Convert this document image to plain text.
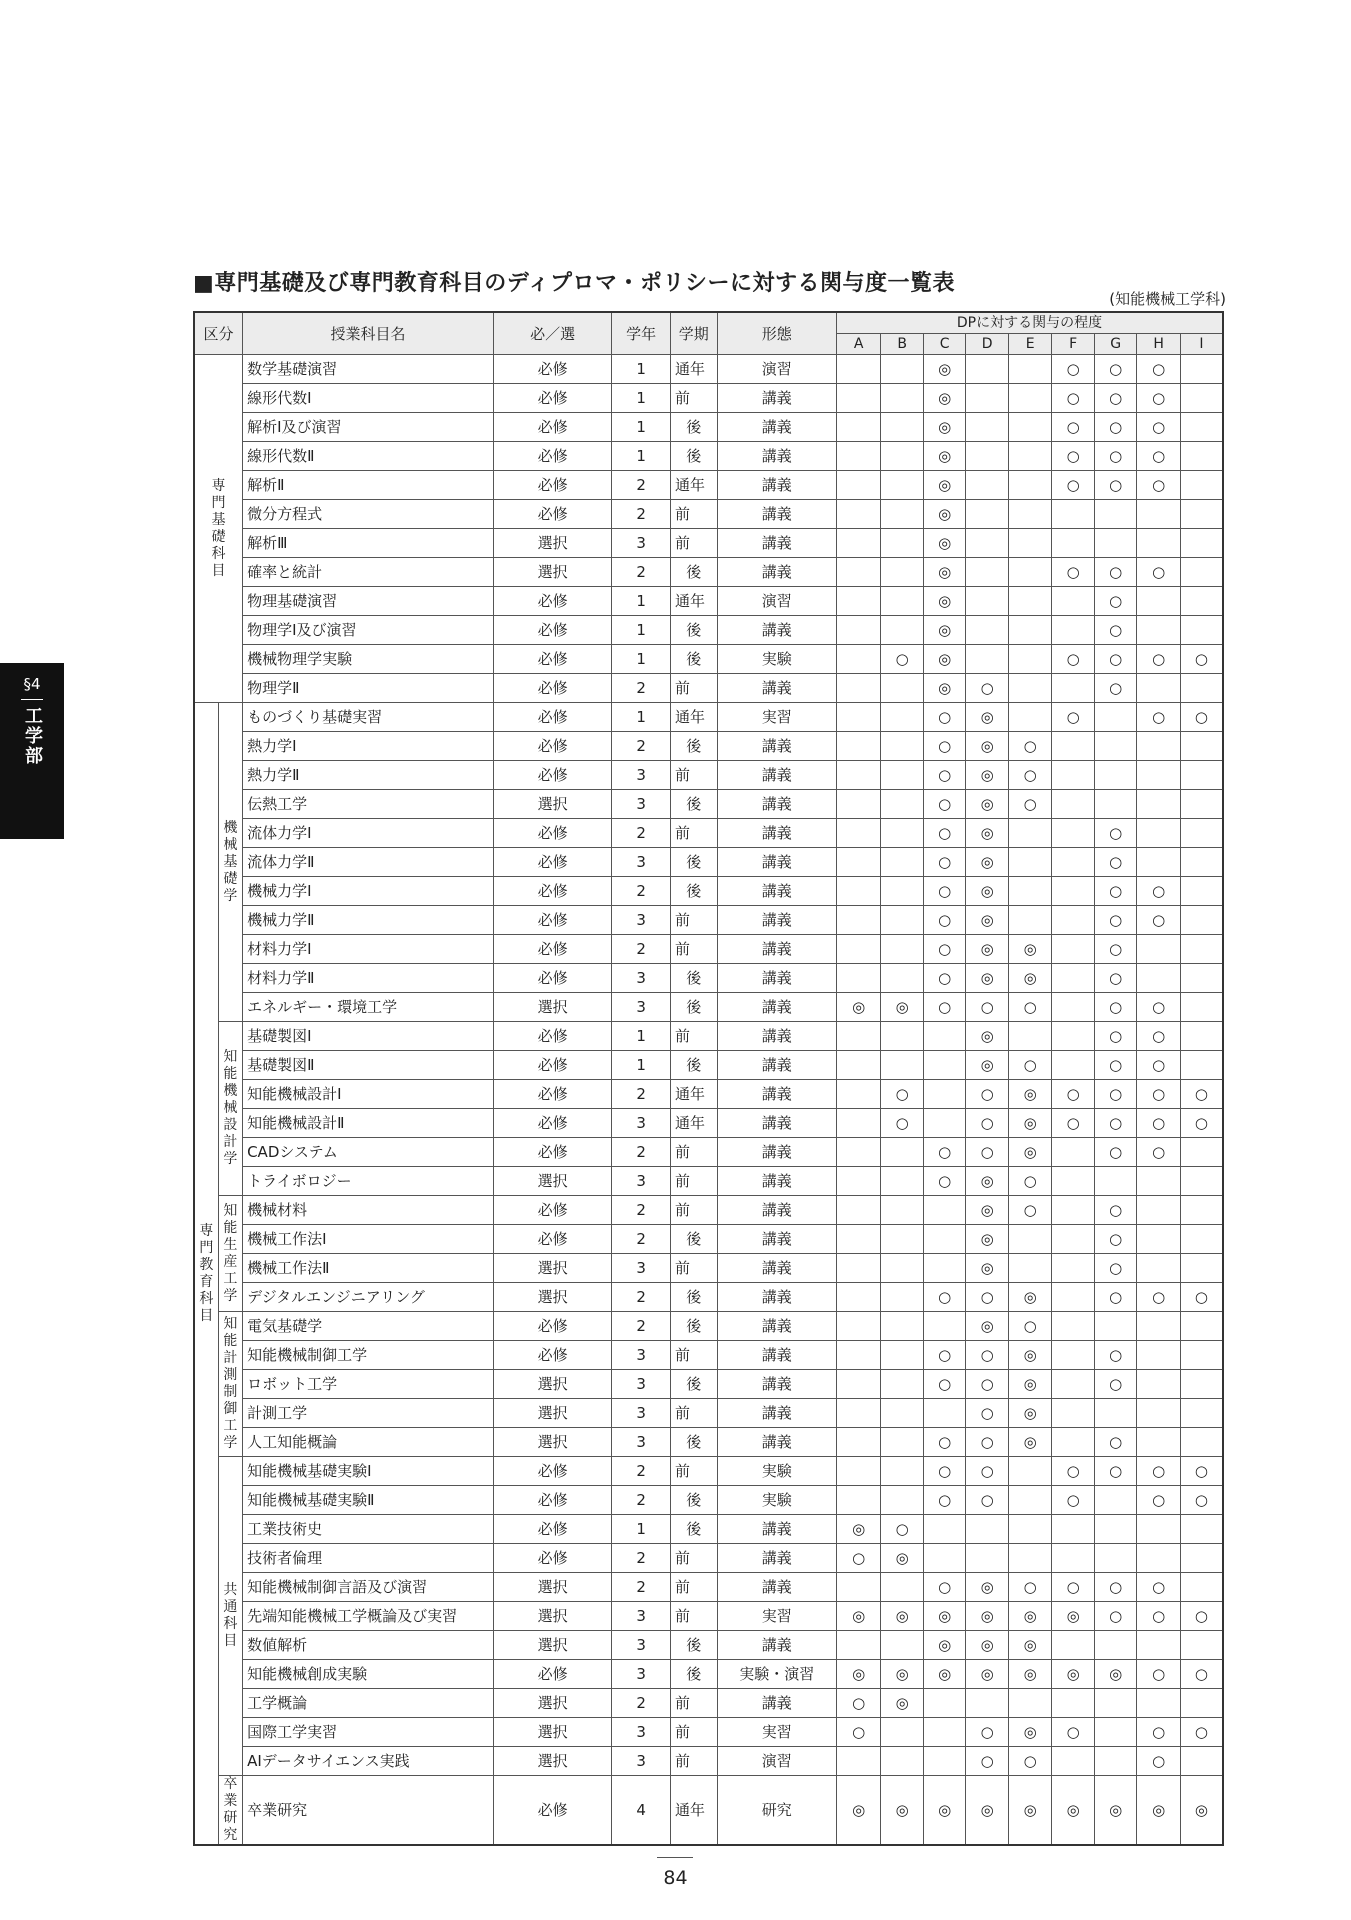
■専門基礎及び専門教育科目のディプロマ・ポリシーに対する関与度一覧表
(知能機械工学科)
§4
工学部
区分		授業科目名	必／選	学年	学期	形態	DPに対する関与の程度								
							A	B	C	D	E	F	G	H	I
専門基礎科目		数学基礎演習	必修	1	通年	演習			◎			○	○	○	
		線形代数Ⅰ	必修	1	前	講義			◎			○	○	○	
		解析Ⅰ及び演習	必修	1	後	講義			◎			○	○	○	
		線形代数Ⅱ	必修	1	後	講義			◎			○	○	○	
		解析Ⅱ	必修	2	通年	講義			◎			○	○	○	
		微分方程式	必修	2	前	講義			◎						
		解析Ⅲ	選択	3	前	講義			◎						
		確率と統計	選択	2	後	講義			◎			○	○	○	
		物理基礎演習	必修	1	通年	演習			◎				○		
		物理学Ⅰ及び演習	必修	1	後	講義			◎				○		
		機械物理学実験	必修	1	後	実験		○	◎			○	○	○	○
		物理学Ⅱ	必修	2	前	講義			◎	○			○		
専門教育科目	機械基礎学	ものづくり基礎実習	必修	1	通年	実習			○	◎		○		○	○
		熱力学Ⅰ	必修	2	後	講義			○	◎	○				
		熱力学Ⅱ	必修	3	前	講義			○	◎	○				
		伝熱工学	選択	3	後	講義			○	◎	○				
		流体力学Ⅰ	必修	2	前	講義			○	◎			○		
		流体力学Ⅱ	必修	3	後	講義			○	◎			○		
		機械力学Ⅰ	必修	2	後	講義			○	◎			○	○	
		機械力学Ⅱ	必修	3	前	講義			○	◎			○	○	
		材料力学Ⅰ	必修	2	前	講義			○	◎	◎		○		
		材料力学Ⅱ	必修	3	後	講義			○	◎	◎		○		
		エネルギー・環境工学	選択	3	後	講義	◎	◎	○	○	○		○	○	
	知能機械設計学	基礎製図Ⅰ	必修	1	前	講義				◎			○	○	
		基礎製図Ⅱ	必修	1	後	講義				◎	○		○	○	
		知能機械設計Ⅰ	必修	2	通年	講義		○		○	◎	○	○	○	○
		知能機械設計Ⅱ	必修	3	通年	講義		○		○	◎	○	○	○	○
		CADシステム	必修	2	前	講義			○	○	◎		○	○	
		トライボロジー	選択	3	前	講義			○	◎	○				
	知能生産工学	機械材料	必修	2	前	講義				◎	○		○		
		機械工作法Ⅰ	必修	2	後	講義				◎			○		
		機械工作法Ⅱ	選択	3	前	講義				◎			○		
		デジタルエンジニアリング	選択	2	後	講義			○	○	◎		○	○	○
	知能計測制御工学	電気基礎学	必修	2	後	講義				◎	○				
		知能機械制御工学	必修	3	前	講義			○	○	◎		○		
		ロボット工学	選択	3	後	講義			○	○	◎		○		
		計測工学	選択	3	前	講義				○	◎				
		人工知能概論	選択	3	後	講義			○	○	◎		○		
	共通科目	知能機械基礎実験Ⅰ	必修	2	前	実験			○	○		○	○	○	○
		知能機械基礎実験Ⅱ	必修	2	後	実験			○	○		○		○	○
		工業技術史	必修	1	後	講義	◎	○							
		技術者倫理	必修	2	前	講義	○	◎							
		知能機械制御言語及び演習	選択	2	前	講義			○	◎	○	○	○	○	
		先端知能機械工学概論及び実習	選択	3	前	実習	◎	◎	◎	◎	◎	◎	○	○	○
		数値解析	選択	3	後	講義			◎	◎	◎				
		知能機械創成実験	必修	3	後	実験・演習	◎	◎	◎	◎	◎	◎	◎	○	○
		工学概論	選択	2	前	講義	○	◎							
		国際工学実習	選択	3	前	実習	○			○	◎	○		○	○
		AIデータサイエンス実践	選択	3	前	演習				○	○			○	
	卒業研究	卒業研究	必修	4	通年	研究	◎	◎	◎	◎	◎	◎	◎	◎	◎
84
